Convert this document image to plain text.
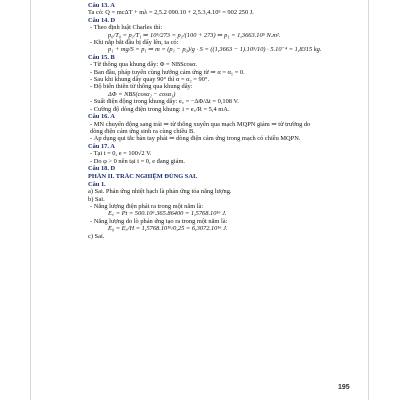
Câu 13. A
Ta có: Q = mcΔT + mλ = 2,5.2 090.10 + 2,5.3,4.10⁵ = 902 250 J.
Câu 14. D
- Theo định luật Charles thì:
p₀/T₀ = p₁/T₁ ⇒ 10⁵/273 = p₁/(100 + 273) ⇒ p₁ = 1,3663.10⁵ N.m².
- Khi nắp bắt đầu bị đẩy lên, ta có:
p₁ + mg/S = p₁ ⇒ m = (p₁ − p₀)/g · S = ((1,3663 − 1).10⁵/10) · 5.10⁻⁴ = 1,8315 kg.
Câu 15. B
- Từ thông qua khung dây: Φ = NBScosα.
- Ban đầu, pháp tuyến cùng hướng cảm ứng từ ⇒ α = α₁ = 0.
- Sau khi khung dây quay 90° thì α = α₂ = 90°.
- Độ biến thiên từ thông qua khung dây:
ΔΦ = NBS(cosα₂ − cosα₁)
- Suất điện động trong khung dây: e꜀ = −ΔΦ/Δt = 0,108 V.
- Cường độ dòng điện trong khung: i = e꜀/R = 5,4 mA.
Câu 16. A
- MN chuyển động sang trái ⇒ từ thông xuyên qua mạch MQPN giảm ⇒ từ trường do
dòng điện cảm ứng sinh ra cùng chiều B.
- Áp dụng qui tắc bàn tay phải ⇒ dòng điện cảm ứng trong mạch có chiều MQPN.
Câu 17. A
- Tại t = 0, e = 100√2 V.
- Do φ > 0 nên tại t = 0, e đang giảm.
Câu 18. D
PHẦN II. TRẮC NGHIỆM ĐÚNG SAI.
Câu 1.
a) Sai. Phản ứng nhiệt hạch là phản ứng tỏa năng lượng.
b) Sai.
- Năng lượng điện phát ra trong một năm là:
E꜀ = Pt = 500.10⁶.365.86400 = 1,5768.10¹⁶ J.
- Năng lượng do lò phản ứng tạo ra trong một năm là:
E₀ = E꜀/H = 1,5768.10¹⁶/0,25 = 6,3072.10¹⁶ J.
c) Sai.
195
